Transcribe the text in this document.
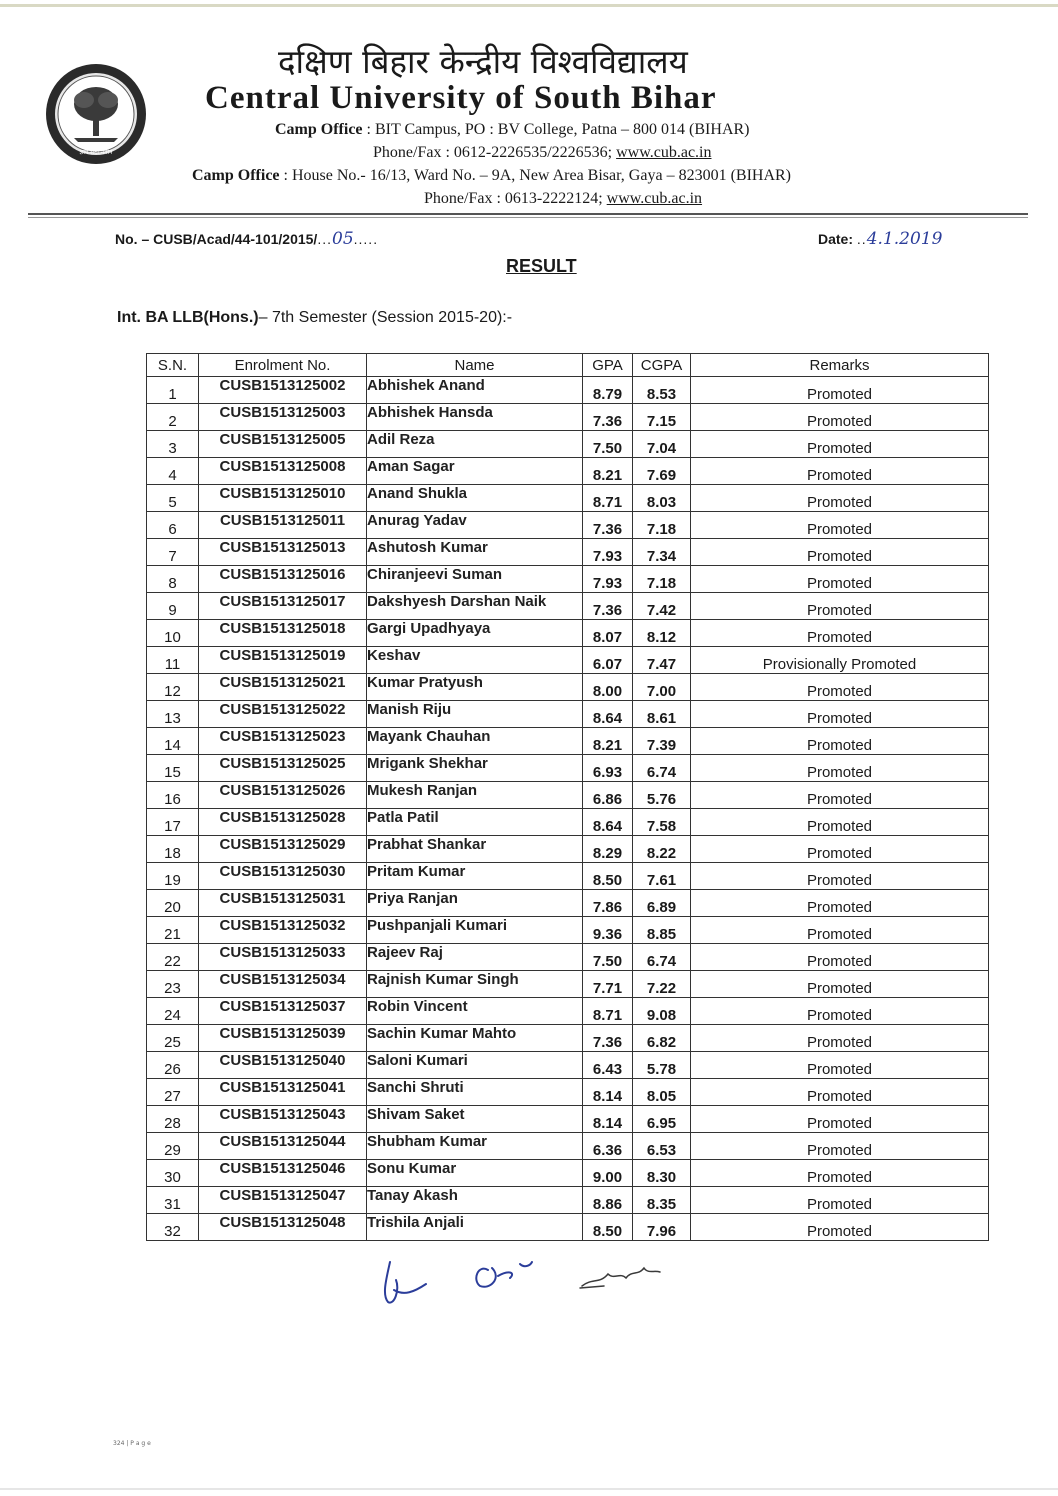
ज्ञान सदा नवीन
दक्षिण बिहार केन्द्रीय विश्वविद्यालय
Central University of South Bihar
Camp Office : BIT Campus, PO : BV College, Patna – 800 014 (BIHAR)
Phone/Fax : 0612-2226535/2226536; www.cub.ac.in
Camp Office : House No.- 16/13, Ward No. – 9A, New Area Bisar, Gaya – 823001 (BIHAR)
Phone/Fax : 0613-2222124; www.cub.ac.in
No. – CUSB/Acad/44-101/2015/...05.....	Date: ..4.1.2019
RESULT
Int. BA LLB(Hons.)– 7th Semester (Session 2015-20):-
S.N.	Enrolment No.	Name	GPA	CGPA	Remarks
1	CUSB1513125002	Abhishek Anand	8.79	8.53	Promoted
2	CUSB1513125003	Abhishek Hansda	7.36	7.15	Promoted
3	CUSB1513125005	Adil Reza	7.50	7.04	Promoted
4	CUSB1513125008	Aman Sagar	8.21	7.69	Promoted
5	CUSB1513125010	Anand Shukla	8.71	8.03	Promoted
6	CUSB1513125011	Anurag Yadav	7.36	7.18	Promoted
7	CUSB1513125013	Ashutosh Kumar	7.93	7.34	Promoted
8	CUSB1513125016	Chiranjeevi Suman	7.93	7.18	Promoted
9	CUSB1513125017	Dakshyesh Darshan Naik	7.36	7.42	Promoted
10	CUSB1513125018	Gargi Upadhyaya	8.07	8.12	Promoted
11	CUSB1513125019	Keshav	6.07	7.47	Provisionally Promoted
12	CUSB1513125021	Kumar Pratyush	8.00	7.00	Promoted
13	CUSB1513125022	Manish Riju	8.64	8.61	Promoted
14	CUSB1513125023	Mayank Chauhan	8.21	7.39	Promoted
15	CUSB1513125025	Mrigank Shekhar	6.93	6.74	Promoted
16	CUSB1513125026	Mukesh Ranjan	6.86	5.76	Promoted
17	CUSB1513125028	Patla Patil	8.64	7.58	Promoted
18	CUSB1513125029	Prabhat Shankar	8.29	8.22	Promoted
19	CUSB1513125030	Pritam Kumar	8.50	7.61	Promoted
20	CUSB1513125031	Priya Ranjan	7.86	6.89	Promoted
21	CUSB1513125032	Pushpanjali Kumari	9.36	8.85	Promoted
22	CUSB1513125033	Rajeev Raj	7.50	6.74	Promoted
23	CUSB1513125034	Rajnish Kumar Singh	7.71	7.22	Promoted
24	CUSB1513125037	Robin Vincent	8.71	9.08	Promoted
25	CUSB1513125039	Sachin Kumar Mahto	7.36	6.82	Promoted
26	CUSB1513125040	Saloni Kumari	6.43	5.78	Promoted
27	CUSB1513125041	Sanchi Shruti	8.14	8.05	Promoted
28	CUSB1513125043	Shivam Saket	8.14	6.95	Promoted
29	CUSB1513125044	Shubham Kumar	6.36	6.53	Promoted
30	CUSB1513125046	Sonu Kumar	9.00	8.30	Promoted
31	CUSB1513125047	Tanay Akash	8.86	8.35	Promoted
32	CUSB1513125048	Trishila Anjali	8.50	7.96	Promoted
324 | P a g e
